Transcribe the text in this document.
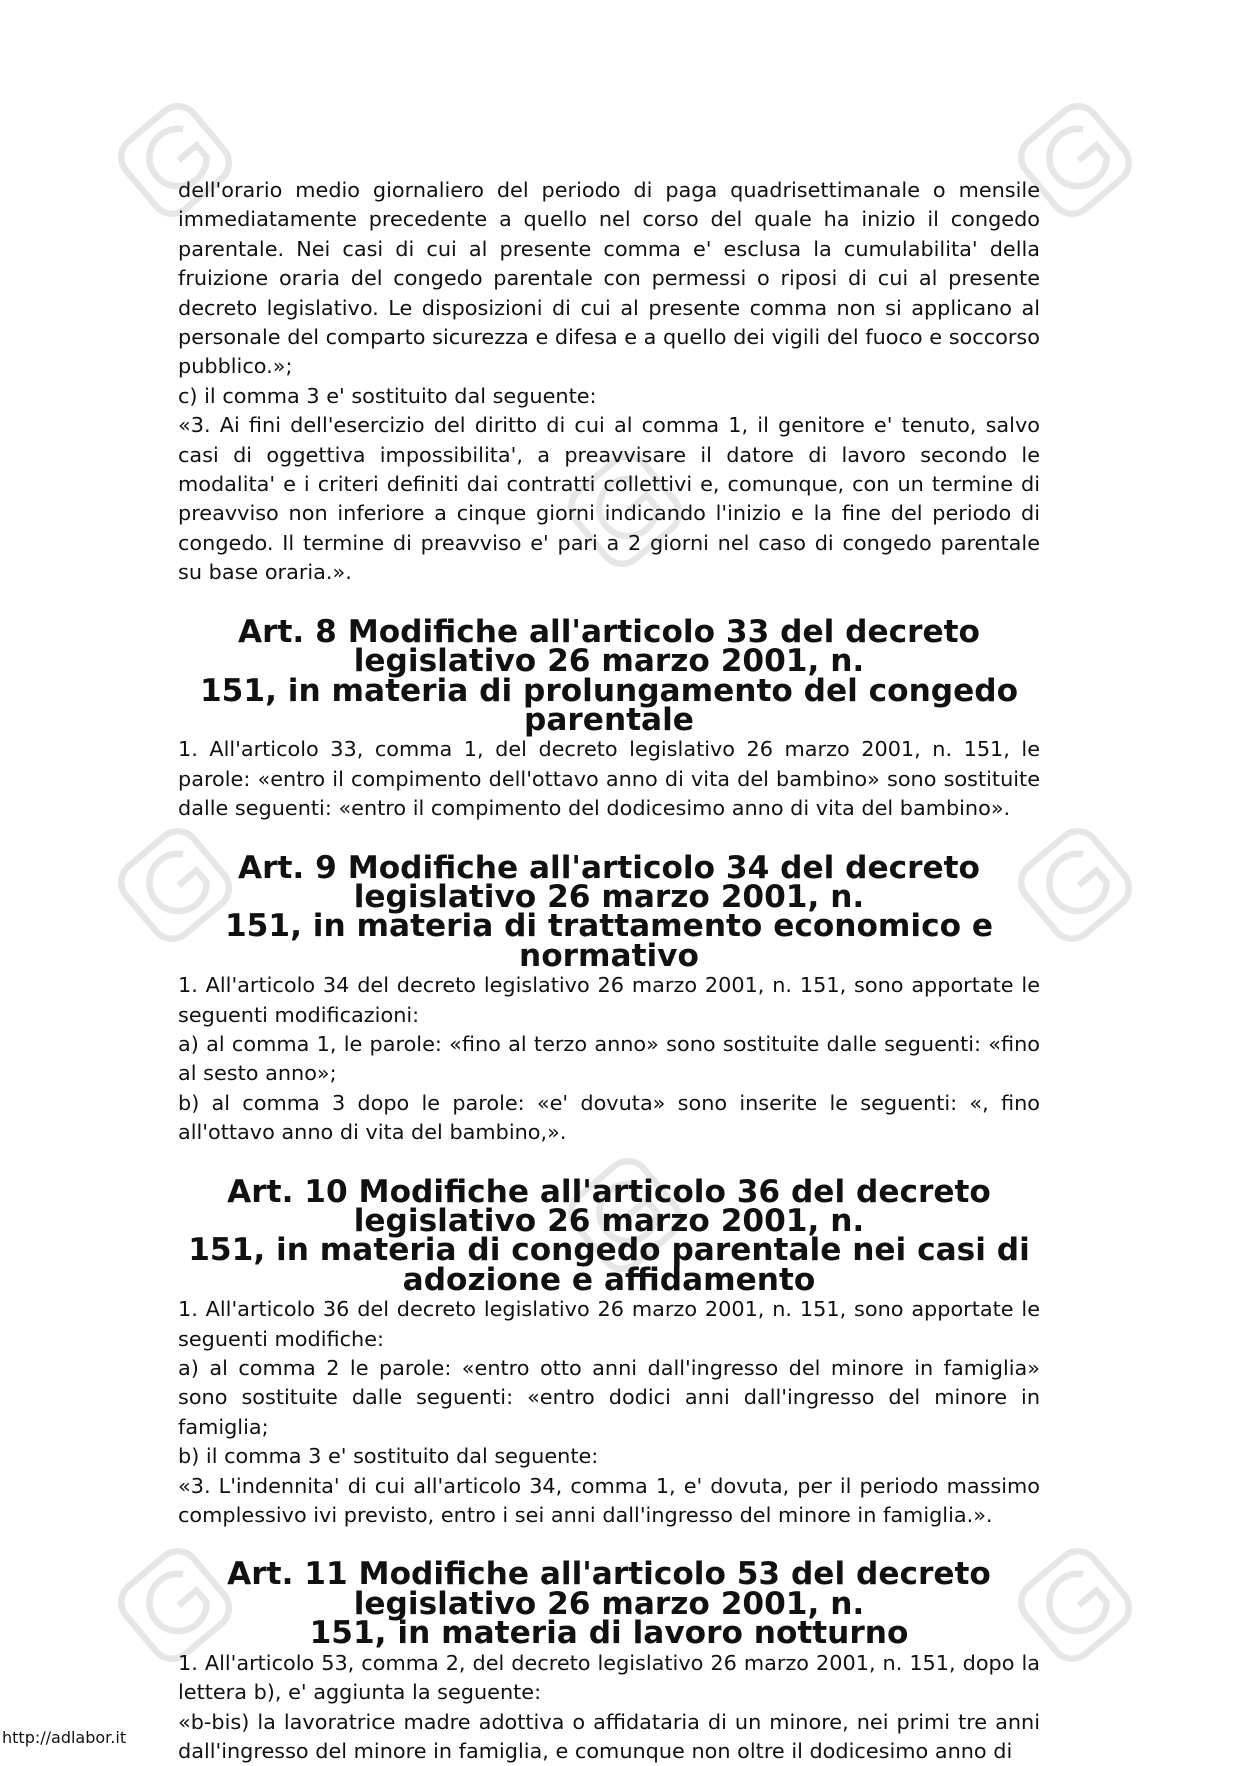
dell'orario medio giornaliero del periodo di paga quadrisettimanale o mensile immediatamente precedente a quello nel corso del quale ha inizio il congedo parentale. Nei casi di cui al presente comma e' esclusa la cumulabilita' della fruizione oraria del congedo parentale con permessi o riposi di cui al presente decreto legislativo. Le disposizioni di cui al presente comma non si applicano al personale del comparto sicurezza e difesa e a quello dei vigili del fuoco e soccorso pubblico.»;

c) il comma 3 e' sostituito dal seguente:

«3. Ai fini dell'esercizio del diritto di cui al comma 1, il genitore e' tenuto, salvo casi di oggettiva impossibilita', a preavvisare il datore di lavoro secondo le modalita' e i criteri definiti dai contratti collettivi e, comunque, con un termine di preavviso non inferiore a cinque giorni indicando l'inizio e la fine del periodo di congedo. Il termine di preavviso e' pari a 2 giorni nel caso di congedo parentale su base oraria.».

Art. 8 Modifiche all'articolo 33 del decreto legislativo 26 marzo 2001, n.
151, in materia di prolungamento del congedo parentale

1. All'articolo 33, comma 1, del decreto legislativo 26 marzo 2001, n. 151, le parole: «entro il compimento dell'ottavo anno di vita del bambino» sono sostituite dalle seguenti: «entro il compimento del dodicesimo anno di vita del bambino».

Art. 9 Modifiche all'articolo 34 del decreto legislativo 26 marzo 2001, n.
151, in materia di trattamento economico e normativo

1. All'articolo 34 del decreto legislativo 26 marzo 2001, n. 151, sono apportate le seguenti modificazioni:

a) al comma 1, le parole: «fino al terzo anno» sono sostituite dalle seguenti: «fino al sesto anno»;

b) al comma 3 dopo le parole: «e' dovuta» sono inserite le seguenti: «, fino all'ottavo anno di vita del bambino,».

Art. 10 Modifiche all'articolo 36 del decreto legislativo 26 marzo 2001, n.
151, in materia di congedo parentale nei casi di adozione e affidamento

1. All'articolo 36 del decreto legislativo 26 marzo 2001, n. 151, sono apportate le seguenti modifiche:

a) al comma 2 le parole: «entro otto anni dall'ingresso del minore in famiglia» sono sostituite dalle seguenti: «entro dodici anni dall'ingresso del minore in famiglia;

b) il comma 3 e' sostituito dal seguente:

«3. L'indennita' di cui all'articolo 34, comma 1, e' dovuta, per il periodo massimo complessivo ivi previsto, entro i sei anni dall'ingresso del minore in famiglia.».

Art. 11 Modifiche all'articolo 53 del decreto legislativo 26 marzo 2001, n.
151, in materia di lavoro notturno

1. All'articolo 53, comma 2, del decreto legislativo 26 marzo 2001, n. 151, dopo la lettera b), e' aggiunta la seguente:

«b-bis) la lavoratrice madre adottiva o affidataria di un minore, nei primi tre anni dall'ingresso del minore in famiglia, e comunque non oltre il dodicesimo anno di

http://adlabor.it
